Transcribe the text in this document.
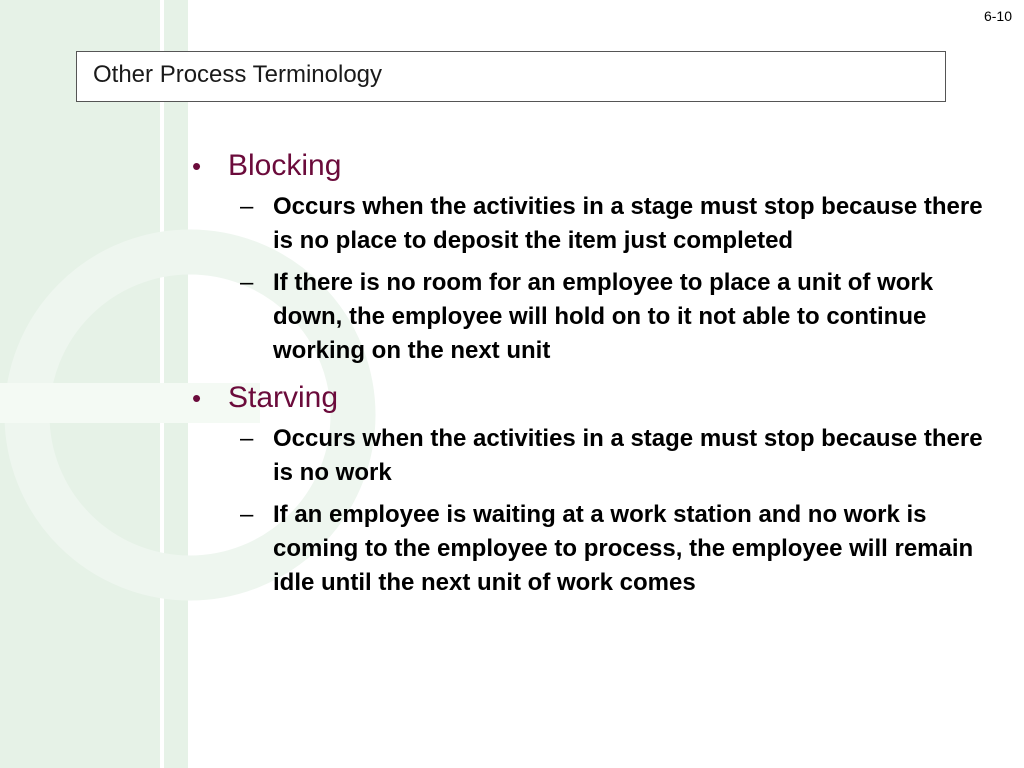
6-10
Other Process Terminology
• Blocking
– Occurs when the activities in a stage must stop because there is no place to deposit the item just completed
– If there is no room for an employee to place a unit of work down, the employee will hold on to it not able to continue working on the next unit
• Starving
– Occurs when the activities in a stage must stop because there is no work
– If an employee is waiting at a work station and no work is coming to the employee to process, the employee will remain idle until the next unit of work comes
